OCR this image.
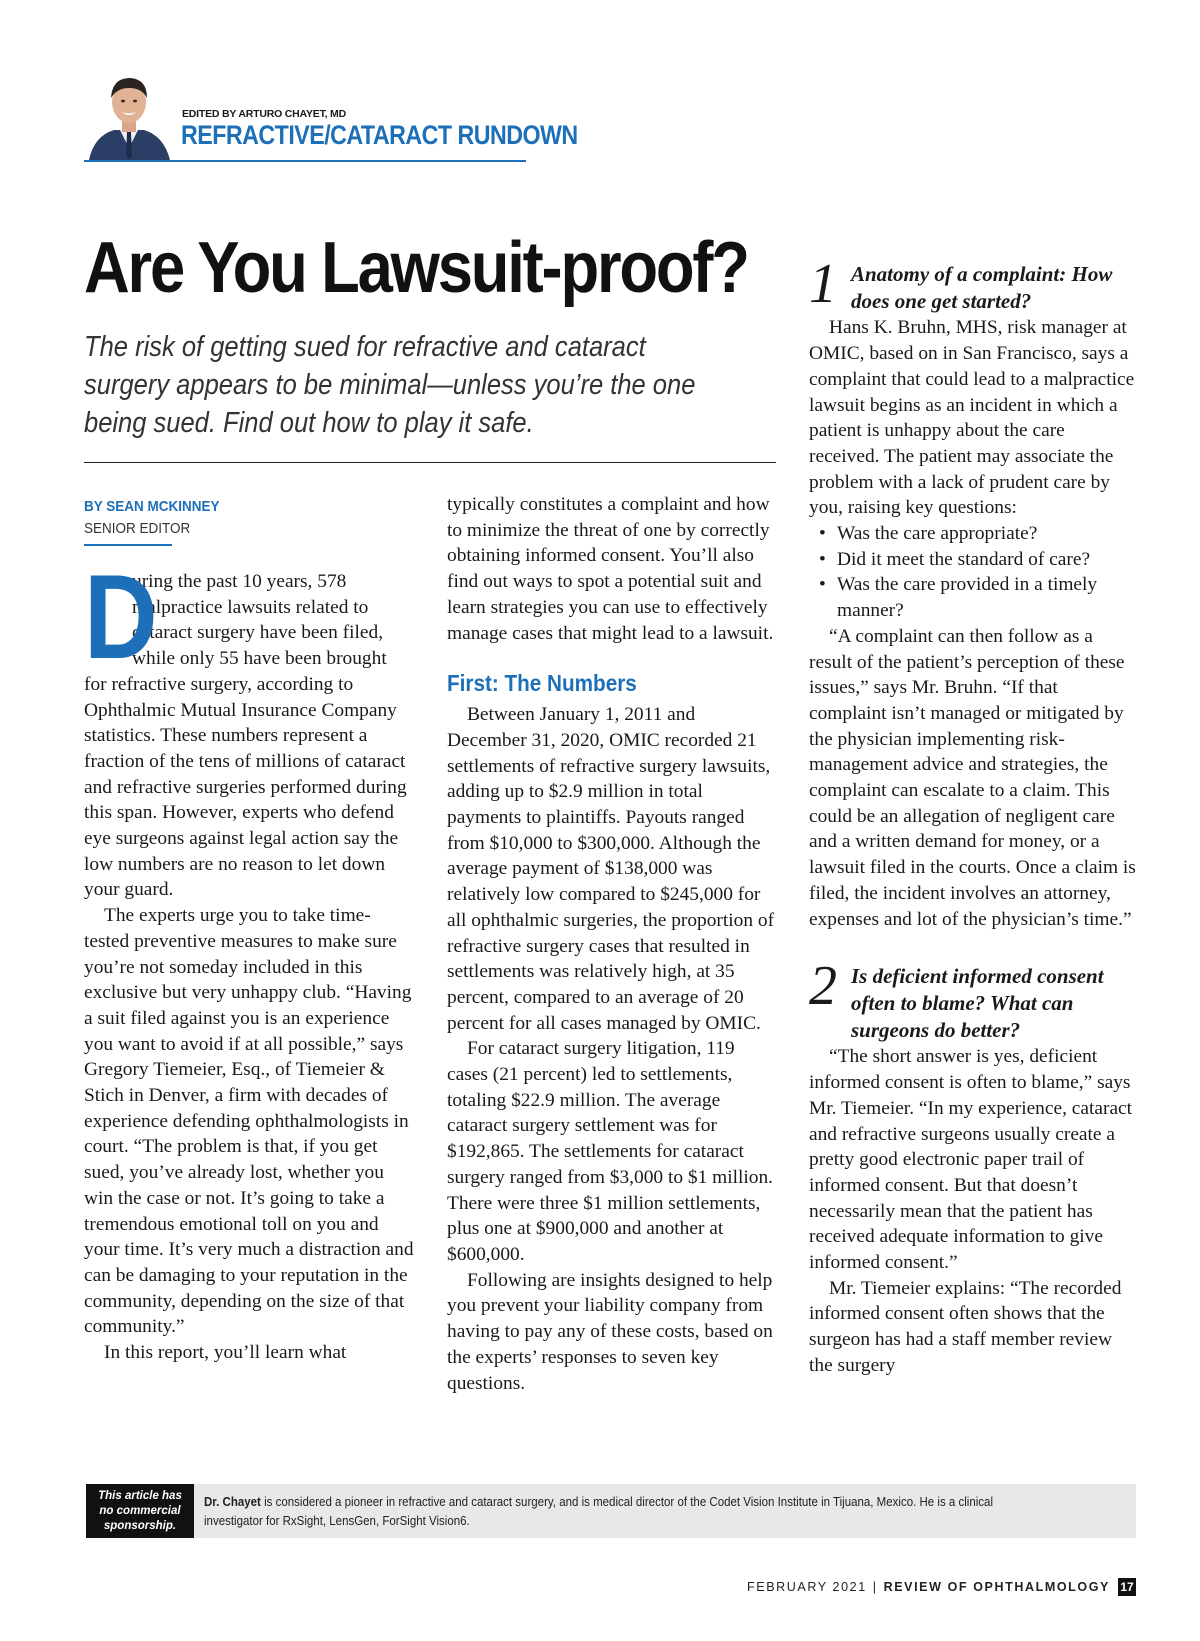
EDITED BY ARTURO CHAYET, MD
REFRACTIVE/CATARACT RUNDOWN
Are You Lawsuit-proof?

The risk of getting sued for refractive and cataract surgery appears to be minimal—unless you’re the one being sued. Find out how to play it safe.

BY SEAN MCKINNEY
SENIOR EDITOR
D

uring the past 10 years, 578 malpractice lawsuits related to cataract surgery have been filed, while only 55 have been brought for refractive surgery, according to Ophthalmic Mutual Insurance Company statistics. These numbers represent a fraction of the tens of millions of cataract and refractive surgeries performed during this span. However, experts who defend eye surgeons against legal action say the low numbers are no reason to let down your guard.

The experts urge you to take time-tested preventive measures to make sure you’re not someday included in this exclusive but very unhappy club. “Having a suit filed against you is an experience you want to avoid if at all possible,” says Gregory Tiemeier, Esq., of Tiemeier & Stich in Denver, a firm with decades of experience defending ophthalmologists in court. “The problem is that, if you get sued, you’ve already lost, whether you win the case or not. It’s going to take a tremendous emotional toll on you and your time. It’s very much a distraction and can be damaging to your reputation in the community, depending on the size of that community.”

In this report, you’ll learn what

typically constitutes a complaint and how to minimize the threat of one by correctly obtaining informed consent. You’ll also find out ways to spot a potential suit and learn strategies you can use to effectively manage cases that might lead to a lawsuit.

First: The Numbers

Between January 1, 2011 and December 31, 2020, OMIC recorded 21 settlements of refractive surgery lawsuits, adding up to $2.9 million in total payments to plaintiffs. Payouts ranged from $10,000 to $300,000. Although the average payment of $138,000 was relatively low compared to $245,000 for all ophthalmic surgeries, the proportion of refractive surgery cases that resulted in settlements was relatively high, at 35 percent, compared to an average of 20 percent for all cases managed by OMIC.

For cataract surgery litigation, 119 cases (21 percent) led to settlements, totaling $22.9 million. The average cataract surgery settlement was for $192,865. The settlements for cataract surgery ranged from $3,000 to $1 million. There were three $1 million settlements, plus one at $900,000 and another at $600,000.

Following are insights designed to help you prevent your liability company from having to pay any of these costs, based on the experts’ responses to seven key questions.

1 Anatomy of a complaint: How does one get started?

Hans K. Bruhn, MHS, risk manager at OMIC, based on in San Francisco, says a complaint that could lead to a malpractice lawsuit begins as an incident in which a patient is unhappy about the care received. The patient may associate the problem with a lack of prudent care by you, raising key questions:

• Was the care appropriate?
• Did it meet the standard of care?
• Was the care provided in a timely manner?

“A complaint can then follow as a result of the patient’s perception of these issues,” says Mr. Bruhn. “If that complaint isn’t managed or mitigated by the physician implementing risk-management advice and strategies, the complaint can escalate to a claim. This could be an allegation of negligent care and a written demand for money, or a lawsuit filed in the courts. Once a claim is filed, the incident involves an attorney, expenses and lot of the physician’s time.”

2 Is deficient informed consent often to blame? What can surgeons do better?

“The short answer is yes, deficient informed consent is often to blame,” says Mr. Tiemeier. “In my experience, cataract and refractive surgeons usually create a pretty good electronic paper trail of informed consent. But that doesn’t necessarily mean that the patient has received adequate information to give informed consent.”

Mr. Tiemeier explains: “The recorded informed consent often shows that the surgeon has had a staff member review the surgery

This article has no commercial sponsorship.
Dr. Chayet is considered a pioneer in refractive and cataract surgery, and is medical director of the Codet Vision Institute in Tijuana, Mexico. He is a clinical investigator for RxSight, LensGen, ForSight Vision6.
FEBRUARY 2021 | REVIEW OF OPHTHALMOLOGY 17
